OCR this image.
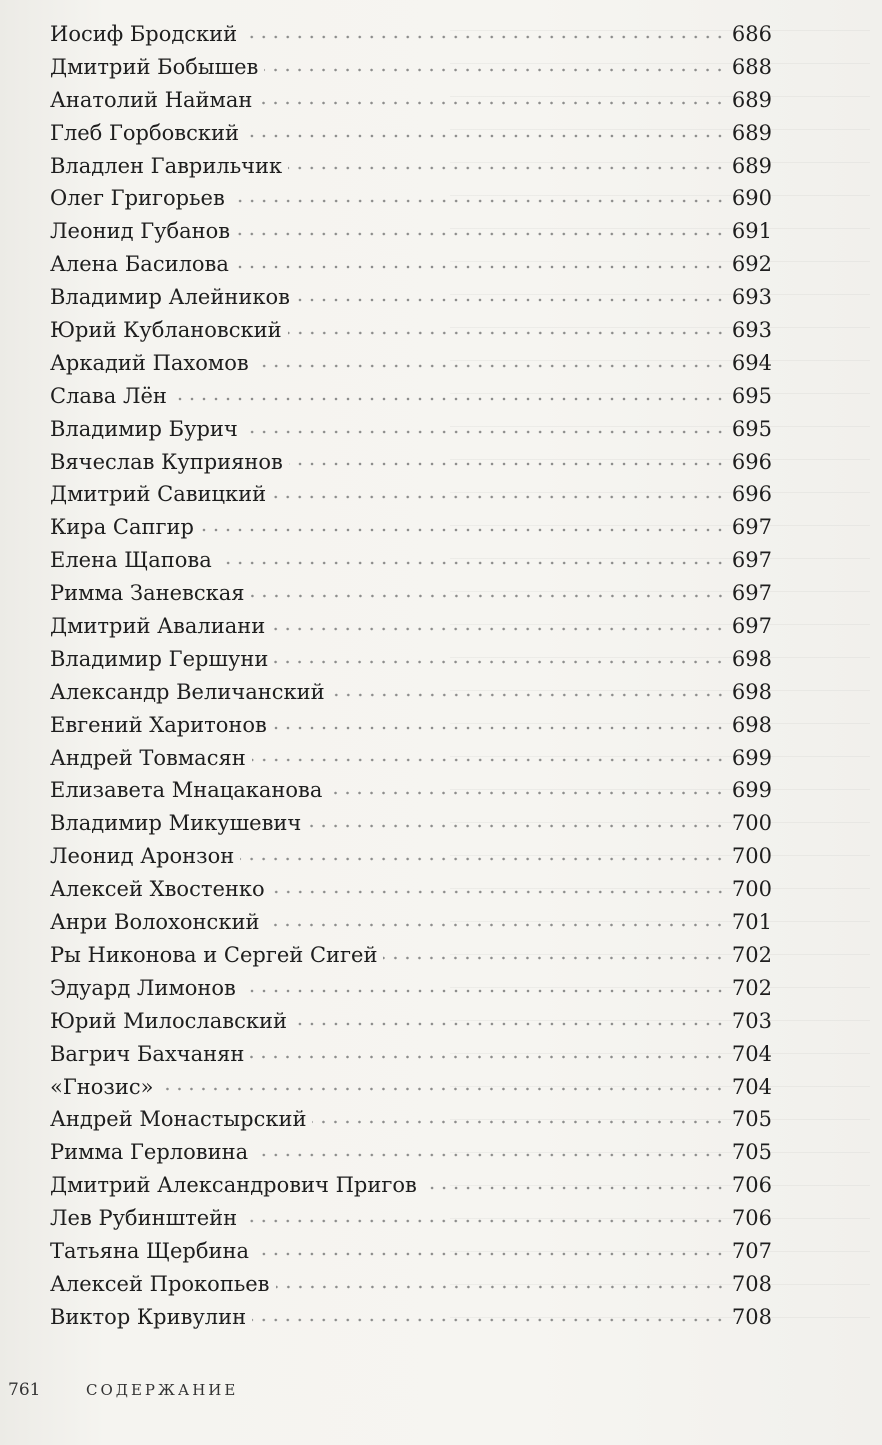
Иосиф Бродский	686
Дмитрий Бобышев	688
Анатолий Найман	689
Глеб Горбовский	689
Владлен Гаврильчик	689
Олег Григорьев	690
Леонид Губанов	691
Алена Басилова	692
Владимир Алейников	693
Юрий Кублановский	693
Аркадий Пахомов	694
Слава Лён	695
Владимир Бурич	695
Вячеслав Куприянов	696
Дмитрий Савицкий	696
Кира Сапгир	697
Елена Щапова	697
Римма Заневская	697
Дмитрий Авалиани	697
Владимир Гершуни	698
Александр Величанский	698
Евгений Харитонов	698
Андрей Товмасян	699
Елизавета Мнацаканова	699
Владимир Микушевич	700
Леонид Аронзон	700
Алексей Хвостенко	700
Анри Волохонский	701
Ры Никонова и Сергей Сигей	702
Эдуард Лимонов	702
Юрий Милославский	703
Вагрич Бахчанян	704
«Гнозис»	704
Андрей Монастырский	705
Римма Герловина	705
Дмитрий Александрович Пригов	706
Лев Рубинштейн	706
Татьяна Щербина	707
Алексей Прокопьев	708
Виктор Кривулин	708
761	СОДЕРЖАНИЕ
